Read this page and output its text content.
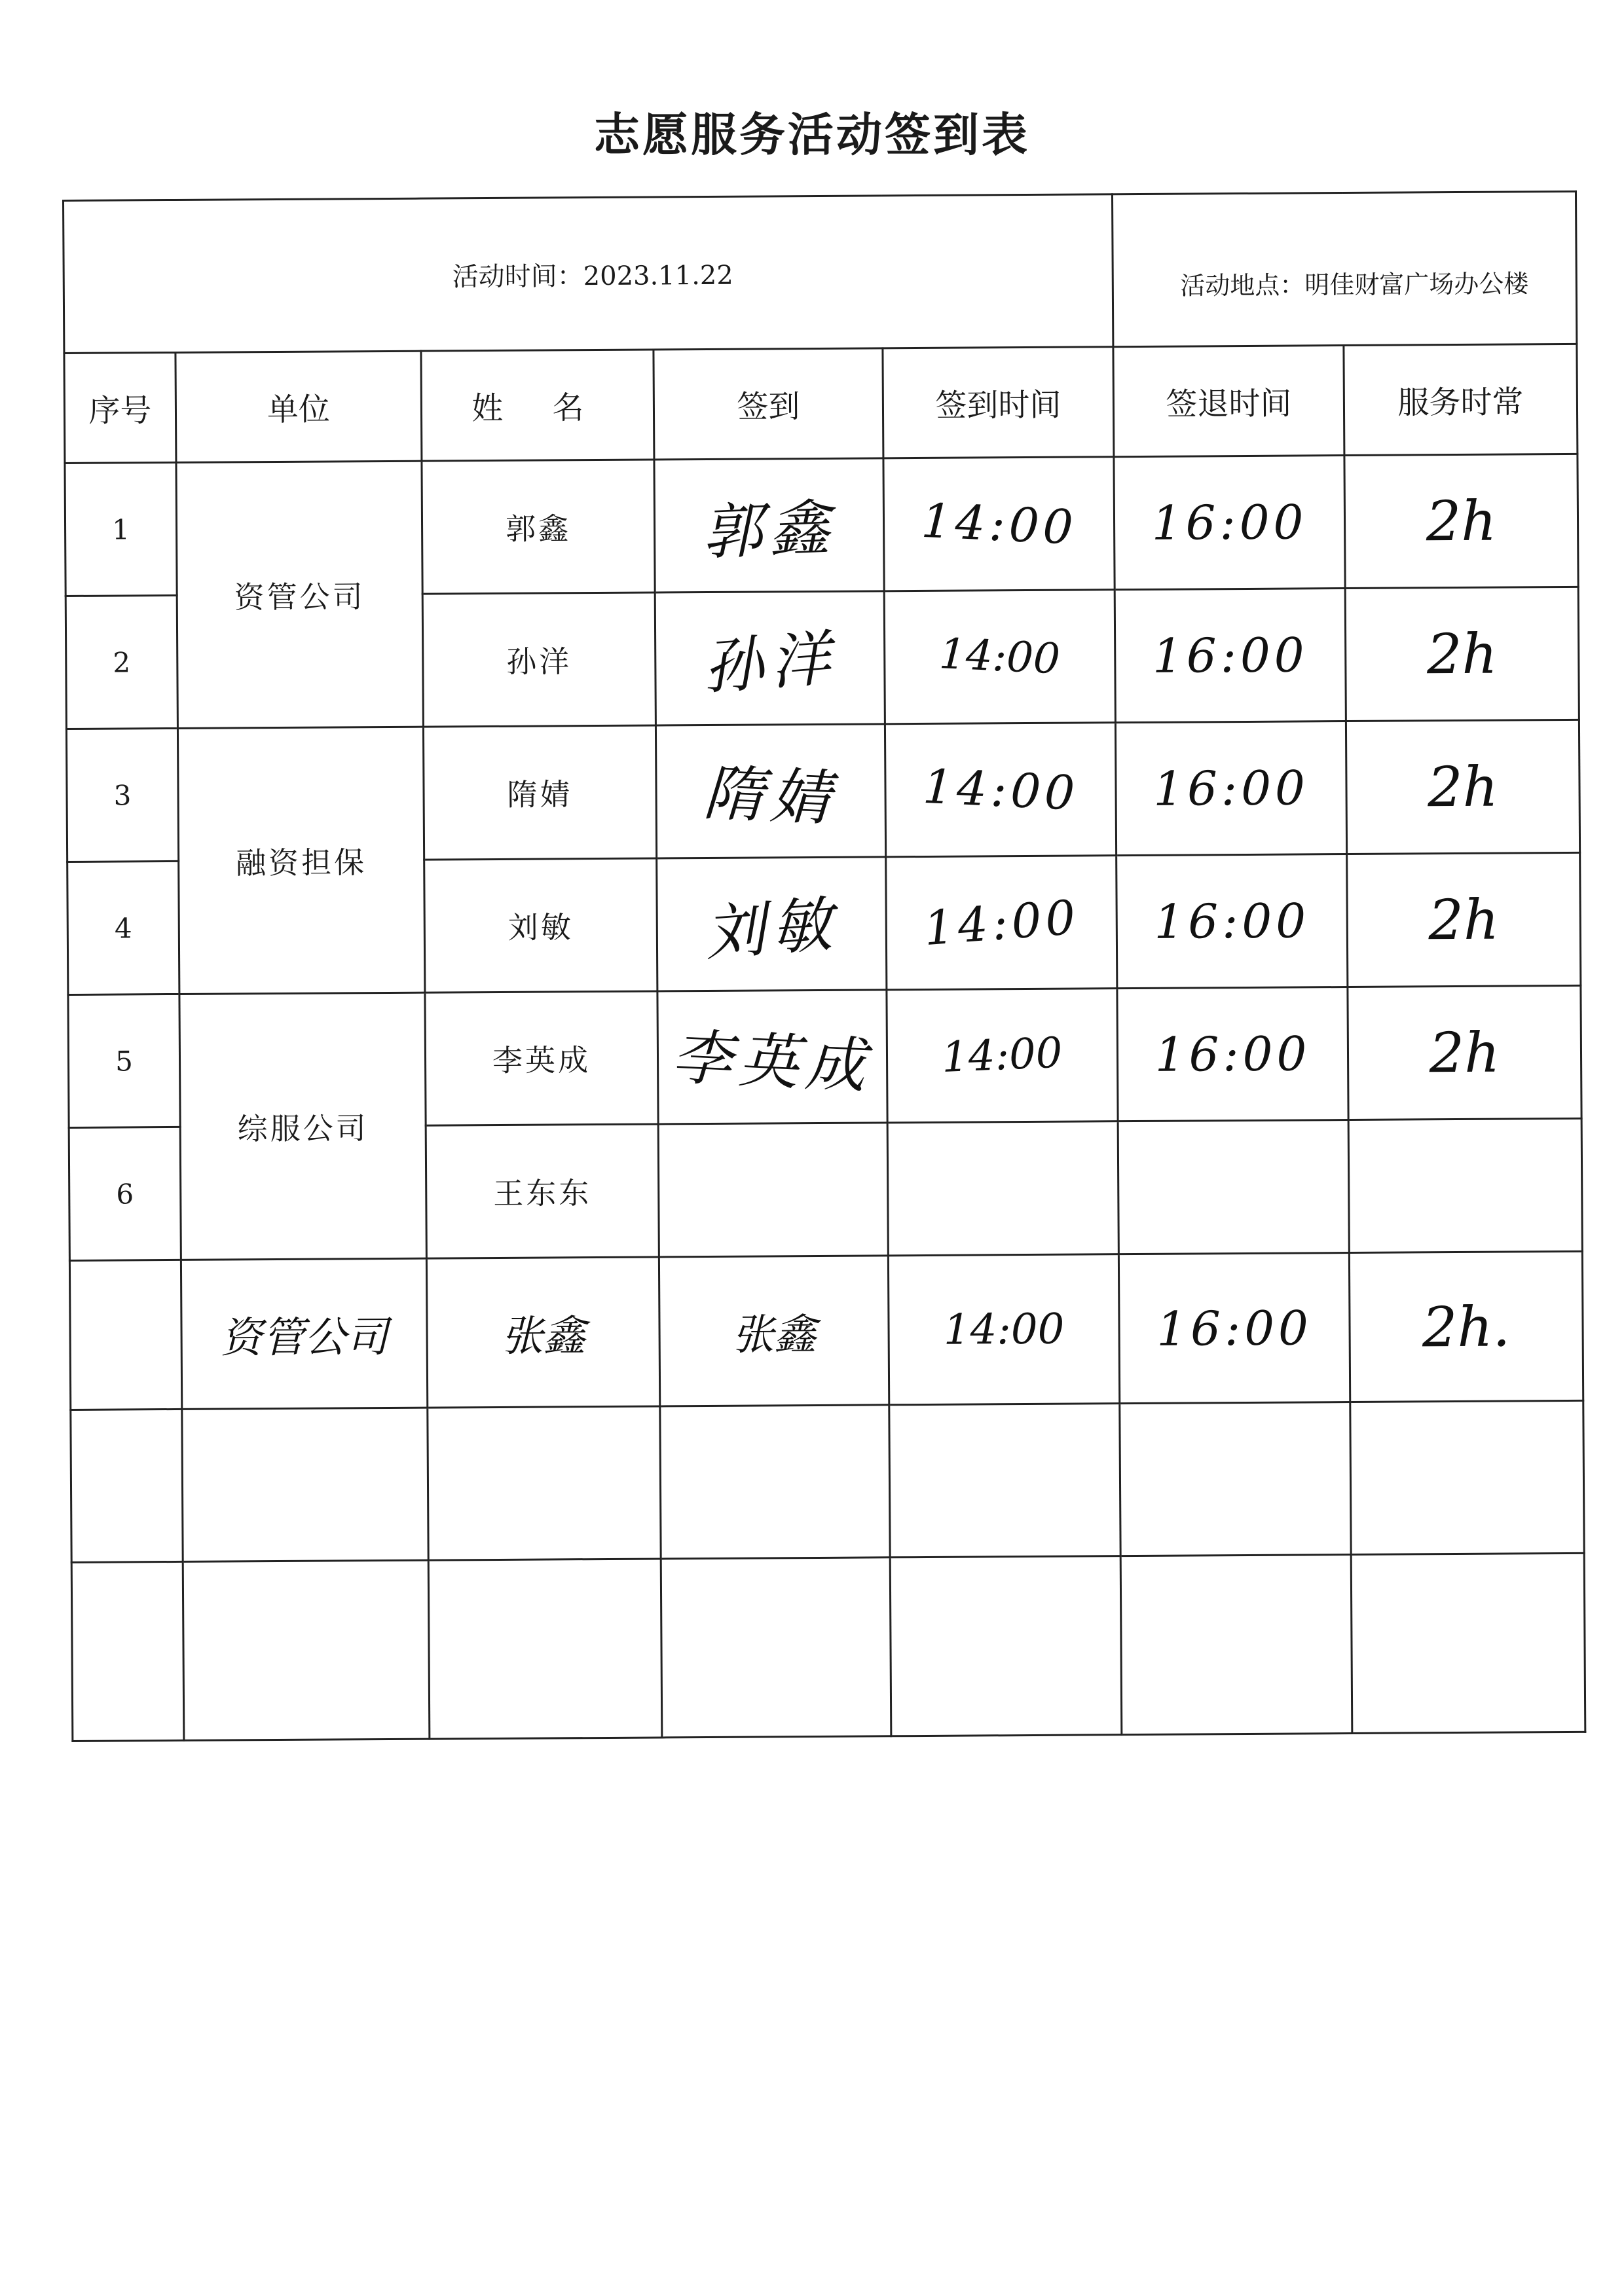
志愿服务活动签到表
活动时间：2023.11.22					活动地点：明佳财富广场办公楼	
序号	单位	姓 名	签到	签到时间	签退时间	服务时常
1	资管公司	郭鑫	郭鑫	14:00	16:00	2h
2		孙洋	孙洋	14:00	16:00	2h
3	融资担保	隋婧	隋婧	14:00	16:00	2h
4		刘敏	刘敏	14:00	16:00	2h
5	综服公司	李英成	李英成	14:00	16:00	2h
6		王东东				
	资管公司	张鑫	张鑫	14:00	16:00	2h.
